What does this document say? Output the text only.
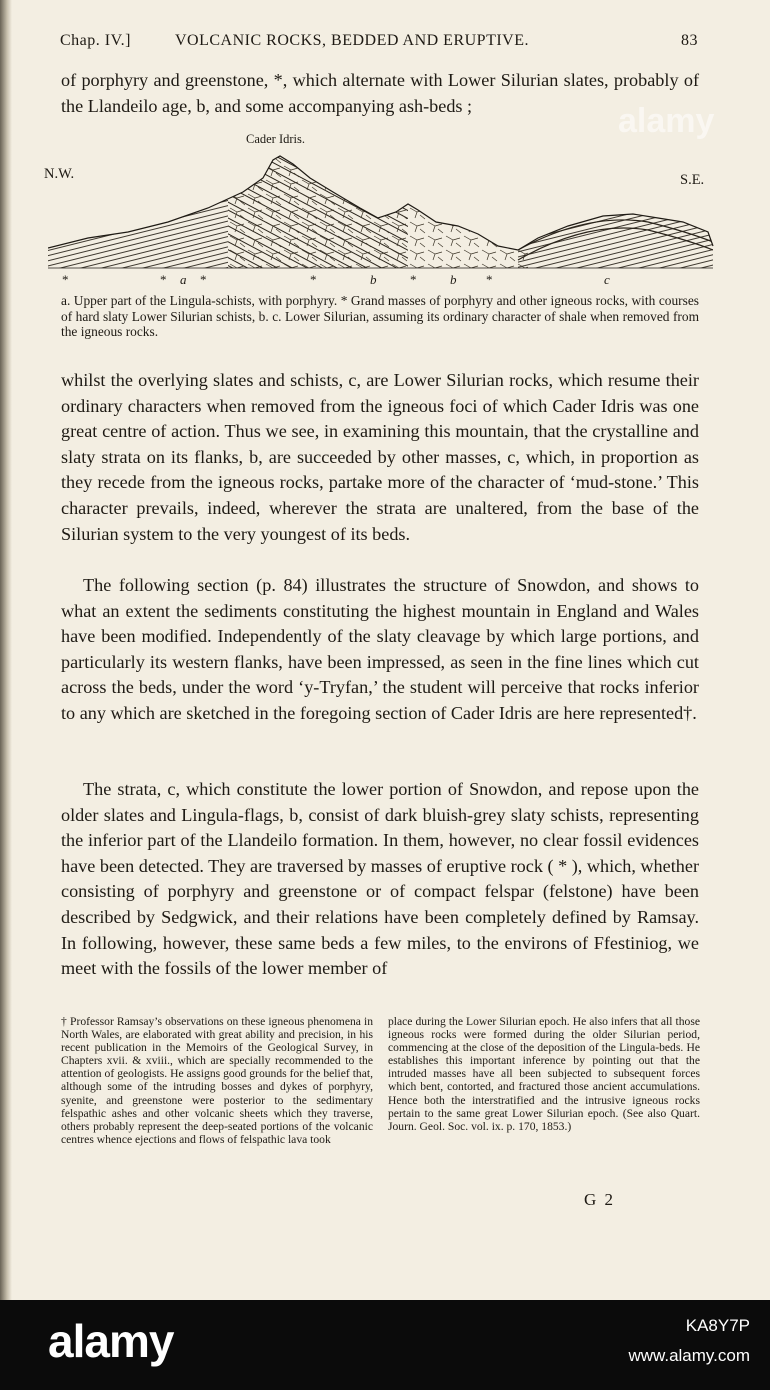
Chap. IV.]	VOLCANIC ROCKS, BEDDED AND ERUPTIVE.	83

of porphyry and greenstone, *, which alternate with Lower Silurian slates, probably of the Llandeilo age, b, and some accompanying ash-beds ;	alamy
Cader Idris.
N.W.	S.E.
*	* a *	*	b	*	b *	c

a. Upper part of the Lingula-schists, with porphyry. * Grand masses of porphyry and other igneous rocks, with courses of hard slaty Lower Silurian schists, b. c. Lower Silurian, assuming its ordinary character of shale when removed from the igneous rocks.

whilst the overlying slates and schists, c, are Lower Silurian rocks, which resume their ordinary characters when removed from the igneous foci of which Cader Idris was one great centre of action. Thus we see, in examining this mountain, that the crystalline and slaty strata on its flanks, b, are succeeded by other masses, c, which, in proportion as they recede from the igneous rocks, partake more of the character of ‘mud-stone.’ This character prevails, indeed, wherever the strata are unaltered, from the base of the Silurian system to the very youngest of its beds.

The following section (p. 84) illustrates the structure of Snowdon, and shows to what an extent the sediments constituting the highest mountain in England and Wales have been modified. Independently of the slaty cleavage by which large portions, and particularly its western flanks, have been impressed, as seen in the fine lines which cut across the beds, under the word ‘y-Tryfan,’ the student will perceive that rocks inferior to any which are sketched in the foregoing section of Cader Idris are here represented†.

The strata, c, which constitute the lower portion of Snowdon, and repose upon the older slates and Lingula-flags, b, consist of dark bluish-grey slaty schists, representing the inferior part of the Llandeilo formation. In them, however, no clear fossil evidences have been detected. They are traversed by masses of eruptive rock ( * ), which, whether consisting of porphyry and greenstone or of compact felspar (felstone) have been described by Sedgwick, and their relations have been completely defined by Ramsay. In following, however, these same beds a few miles, to the environs of Ffestiniog, we meet with the fossils of the lower member of

† Professor Ramsay’s observations on these igneous phenomena in North Wales, are elaborated with great ability and precision, in his recent publication in the Memoirs of the Geological Survey, in Chapters xvii. & xviii., which are specially recommended to the attention of geologists. He assigns good grounds for the belief that, although some of the intruding bosses and dykes of porphyry, syenite, and greenstone were posterior to the sedimentary felspathic ashes and other volcanic sheets which they traverse, others probably represent the deep-seated portions of the volcanic centres whence ejections and flows of felspathic lava took

place during the Lower Silurian epoch. He also infers that all those igneous rocks were formed during the older Silurian period, commencing at the close of the deposition of the Lingula-beds. He establishes this important inference by pointing out that the intruded masses have all been subjected to subsequent forces which bent, contorted, and fractured those ancient accumulations. Hence both the interstratified and the intrusive igneous rocks pertain to the same great Lower Silurian epoch. (See also Quart. Journ. Geol. Soc. vol. ix. p. 170, 1853.)

G 2
alamy	KA8Y7P
www.alamy.com
